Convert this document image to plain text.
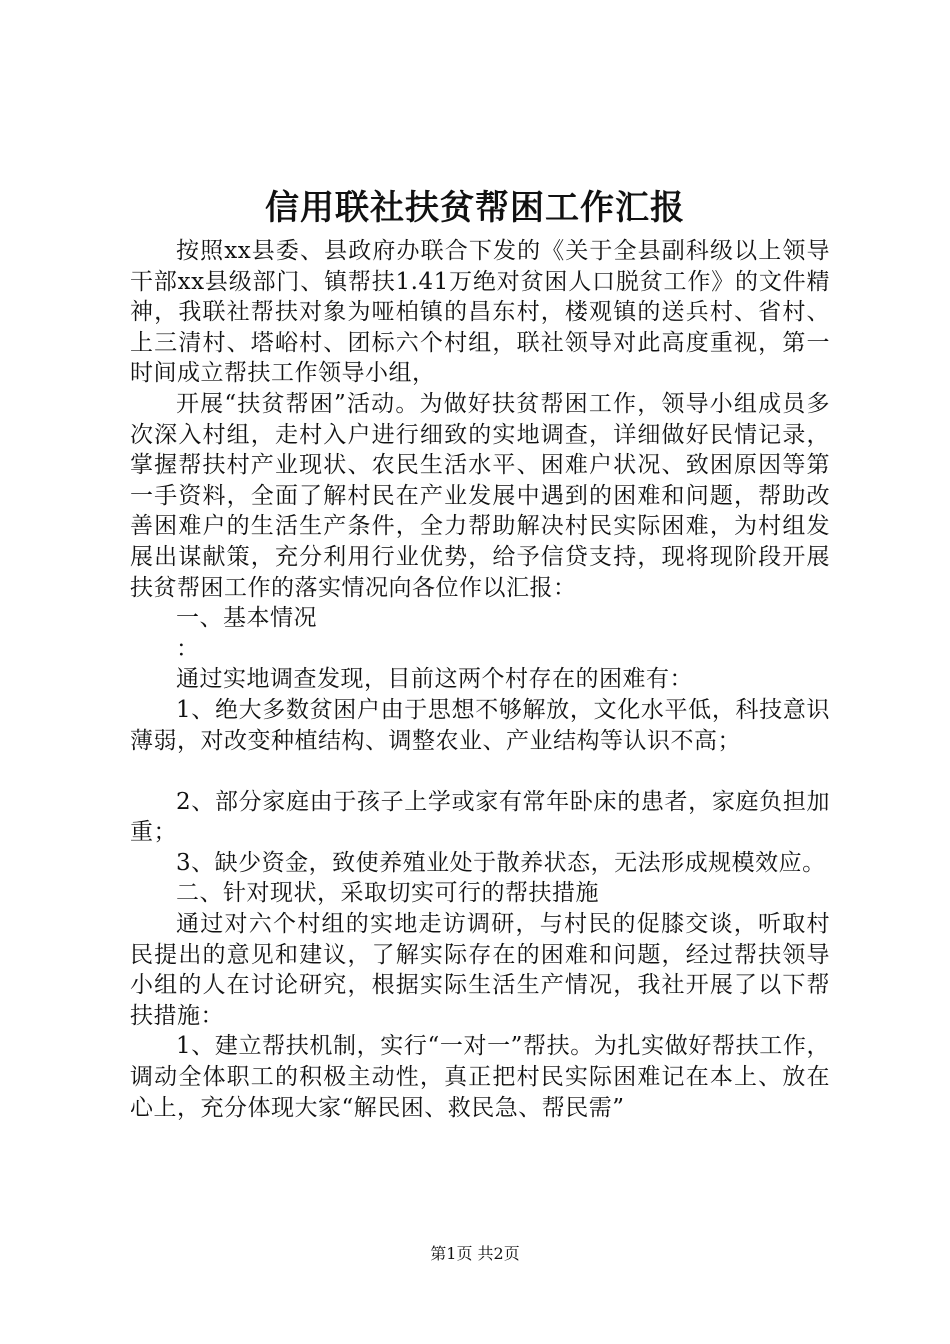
信用联社扶贫帮困工作汇报

按照xx县委、县政府办联合下发的《关于全县副科级以上领导干部xx县级部门、镇帮扶1.41万绝对贫困人口脱贫工作》的文件精神，我联社帮扶对象为哑柏镇的昌东村，楼观镇的送兵村、省村、上三清村、塔峪村、团标六个村组，联社领导对此高度重视，第一时间成立帮扶工作领导小组，

开展“扶贫帮困”活动。为做好扶贫帮困工作，领导小组成员多次深入村组，走村入户进行细致的实地调查，详细做好民情记录，掌握帮扶村产业现状、农民生活水平、困难户状况、致困原因等第一手资料，全面了解村民在产业发展中遇到的困难和问题，帮助改善困难户的生活生产条件，全力帮助解决村民实际困难，为村组发展出谋献策，充分利用行业优势，给予信贷支持，现将现阶段开展扶贫帮困工作的落实情况向各位作以汇报：

一、基本情况

：

通过实地调查发现，目前这两个村存在的困难有：

1、绝大多数贫困户由于思想不够解放，文化水平低，科技意识薄弱，对改变种植结构、调整农业、产业结构等认识不高；

2、部分家庭由于孩子上学或家有常年卧床的患者，家庭负担加重；

3、缺少资金，致使养殖业处于散养状态，无法形成规模效应。

二、针对现状，采取切实可行的帮扶措施

通过对六个村组的实地走访调研，与村民的促膝交谈，听取村民提出的意见和建议，了解实际存在的困难和问题，经过帮扶领导小组的人在讨论研究，根据实际生活生产情况，我社开展了以下帮扶措施：

1、建立帮扶机制，实行“一对一”帮扶。为扎实做好帮扶工作，调动全体职工的积极主动性，真正把村民实际困难记在本上、放在心上，充分体现大家“解民困、救民急、帮民需”

第1页 共2页
